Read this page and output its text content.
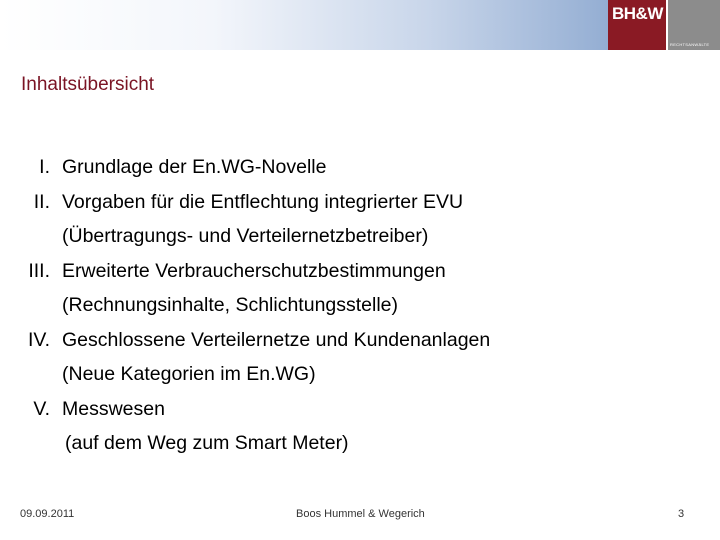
BH&W
RECHTSANWÄLTE
Inhaltsübersicht
I. Grundlage der En.WG-Novelle
II. Vorgaben für die Entflechtung integrierter EVU
(Übertragungs- und Verteilernetzbetreiber)
III. Erweiterte Verbraucherschutzbestimmungen
(Rechnungsinhalte, Schlichtungsstelle)
IV. Geschlossene Verteilernetze und Kundenanlagen
(Neue Kategorien im En.WG)
V. Messwesen
(auf dem Weg zum Smart Meter)
09.09.2011	Boos Hummel & Wegerich	3
